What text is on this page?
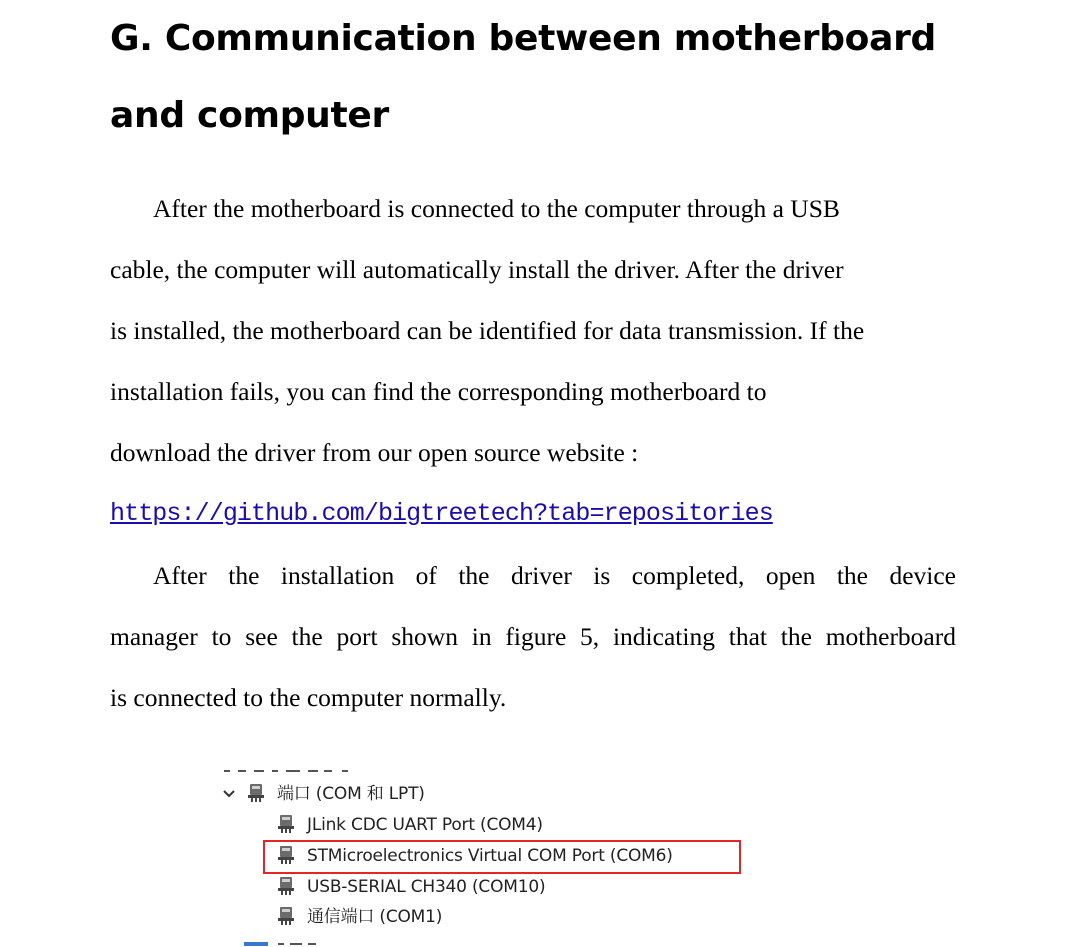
G. Communication between motherboard
and computer

After the motherboard is connected to the computer through a USB

cable, the computer will automatically install the driver. After the driver

is installed, the motherboard can be identified for data transmission. If the

installation fails, you can find the corresponding motherboard to

download the driver from our open source website :

https://github.com/bigtreetech?tab=repositories

After the installation of the driver is completed, open the device

manager to see the port shown in figure 5, indicating that the motherboard

is connected to the computer normally.

端口 (COM 和 LPT)
JLink CDC UART Port (COM4)
STMicroelectronics Virtual COM Port (COM6)
USB-SERIAL CH340 (COM10)
通信端口 (COM1)
